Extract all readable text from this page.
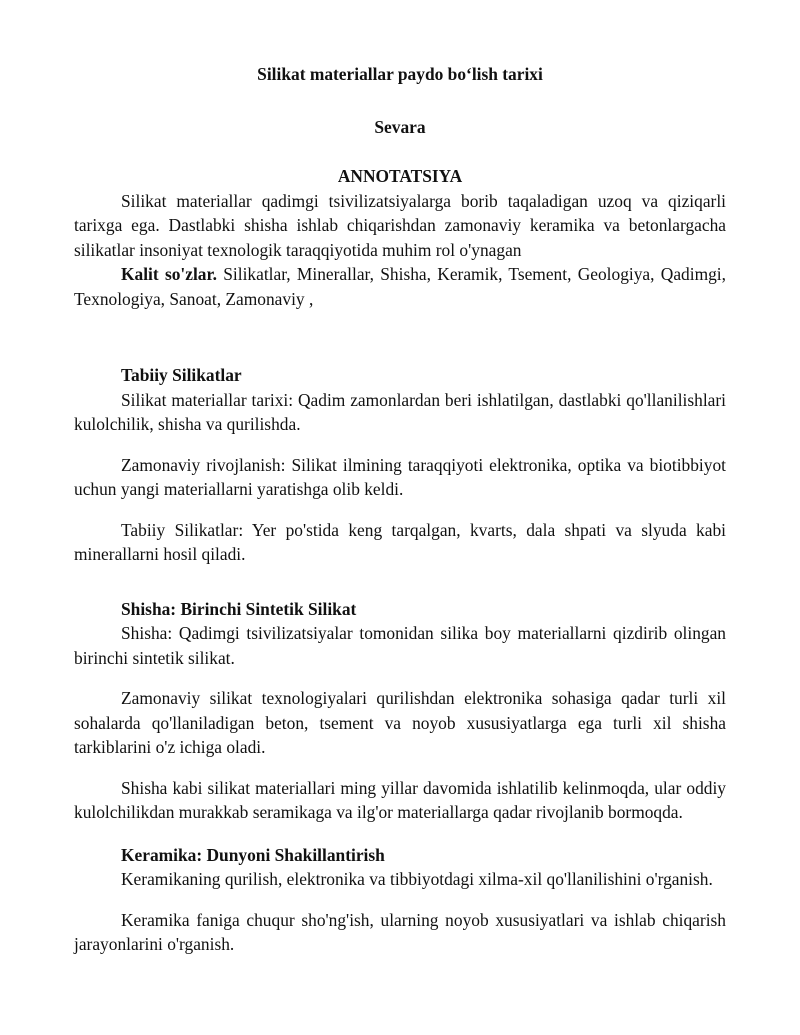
Silikat materiallar paydo bo‘lish tarixi
Sevara
ANNOTATSIYA

Silikat materiallar qadimgi tsivilizatsiyalarga borib taqaladigan uzoq va qiziqarli tarixga ega. Dastlabki shisha ishlab chiqarishdan zamonaviy keramika va betonlargacha silikatlar insoniyat texnologik taraqqiyotida muhim rol o'ynagan

Kalit so'zlar. Silikatlar, Minerallar, Shisha, Keramik, Tsement, Geologiya, Qadimgi, Texnologiya, Sanoat, Zamonaviy ,

Tabiiy Silikatlar

Silikat materiallar tarixi: Qadim zamonlardan beri ishlatilgan, dastlabki qo'llanilishlari kulolchilik, shisha va qurilishda.

Zamonaviy rivojlanish: Silikat ilmining taraqqiyoti elektronika, optika va biotibbiyot uchun yangi materiallarni yaratishga olib keldi.

Tabiiy Silikatlar: Yer po'stida keng tarqalgan, kvarts, dala shpati va slyuda kabi minerallarni hosil qiladi.

Shisha: Birinchi Sintetik Silikat

Shisha: Qadimgi tsivilizatsiyalar tomonidan silika boy materiallarni qizdirib olingan birinchi sintetik silikat.

Zamonaviy silikat texnologiyalari qurilishdan elektronika sohasiga qadar turli xil sohalarda qo'llaniladigan beton, tsement va noyob xususiyatlarga ega turli xil shisha tarkiblarini o'z ichiga oladi.

Shisha kabi silikat materiallari ming yillar davomida ishlatilib kelinmoqda, ular oddiy kulolchilikdan murakkab seramikaga va ilg'or materiallarga qadar rivojlanib bormoqda.

Keramika: Dunyoni Shakillantirish

Keramikaning qurilish, elektronika va tibbiyotdagi xilma-xil qo'llanilishini o'rganish.

Keramika faniga chuqur sho'ng'ish, ularning noyob xususiyatlari va ishlab chiqarish jarayonlarini o'rganish.
